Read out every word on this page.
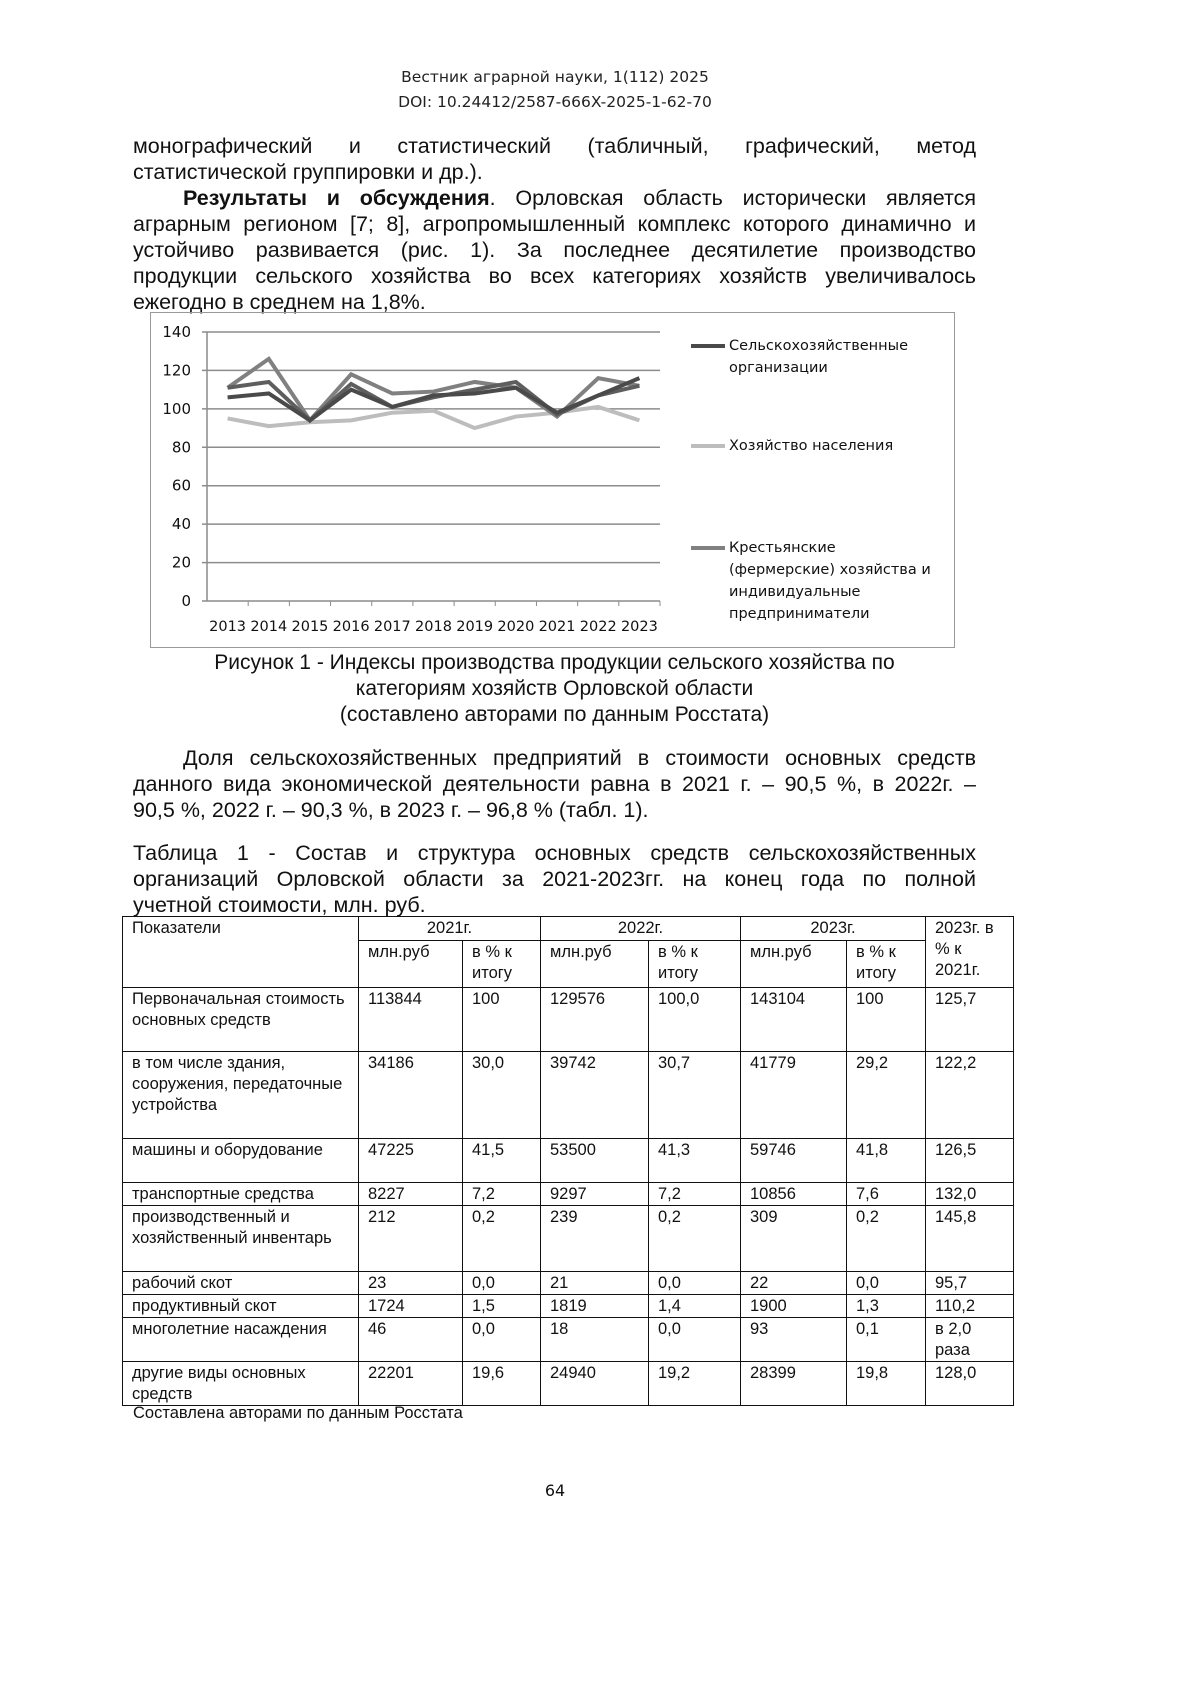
Вестник аграрной науки, 1(112) 2025
DOI: 10.24412/2587-666X-2025-1-62-70
монографический и статистический (табличный, графический, метод
статистической группировки и др.).
Результаты и обсуждения. Орловская область исторически является
аграрным регионом [7; 8], агропромышленный комплекс которого динамично и
устойчиво развивается (рис. 1). За последнее десятилетие производство
продукции сельского хозяйства во всех категориях хозяйств увеличивалось
ежегодно в среднем на 1,8%.
0
20
40
60
80
100
120
140
2013 2014 2015 2016 2017 2018 2019 2020 2021 2022 2023
Сельскохозяйственные организации
Хозяйство населения
Крестьянские (фермерские) хозяйства и индивидуальные предприниматели
Рисунок 1 - Индексы производства продукции сельского хозяйства по
категориям хозяйств Орловской области
(составлено авторами по данным Росстата)
Доля сельскохозяйственных предприятий в стоимости основных средств
данного вида экономической деятельности равна в 2021 г. – 90,5 %, в 2022г. –
90,5 %, 2022 г. – 90,3 %, в 2023 г. – 96,8 % (табл. 1).
Таблица 1 - Состав и структура основных средств сельскохозяйственных
организаций Орловской области за 2021-2023гг. на конец года по полной
учетной стоимости, млн. руб.
Показатели	2021г.		2022г.		2023г.		2023г. в % к 2021г.
	млн.руб	в % к итогу	млн.руб	в % к итогу	млн.руб	в % к итогу	
Первоначальная стоимость основных средств	113844	100	129576	100,0	143104	100	125,7
в том числе здания, сооружения, передаточные устройства	34186	30,0	39742	30,7	41779	29,2	122,2
машины и оборудование	47225	41,5	53500	41,3	59746	41,8	126,5
транспортные средства	8227	7,2	9297	7,2	10856	7,6	132,0
производственный и хозяйственный инвентарь	212	0,2	239	0,2	309	0,2	145,8
рабочий скот	23	0,0	21	0,0	22	0,0	95,7
продуктивный скот	1724	1,5	1819	1,4	1900	1,3	110,2
многолетние насаждения	46	0,0	18	0,0	93	0,1	в 2,0 раза
другие виды основных средств	22201	19,6	24940	19,2	28399	19,8	128,0
Составлена авторами по данным Росстата
64
